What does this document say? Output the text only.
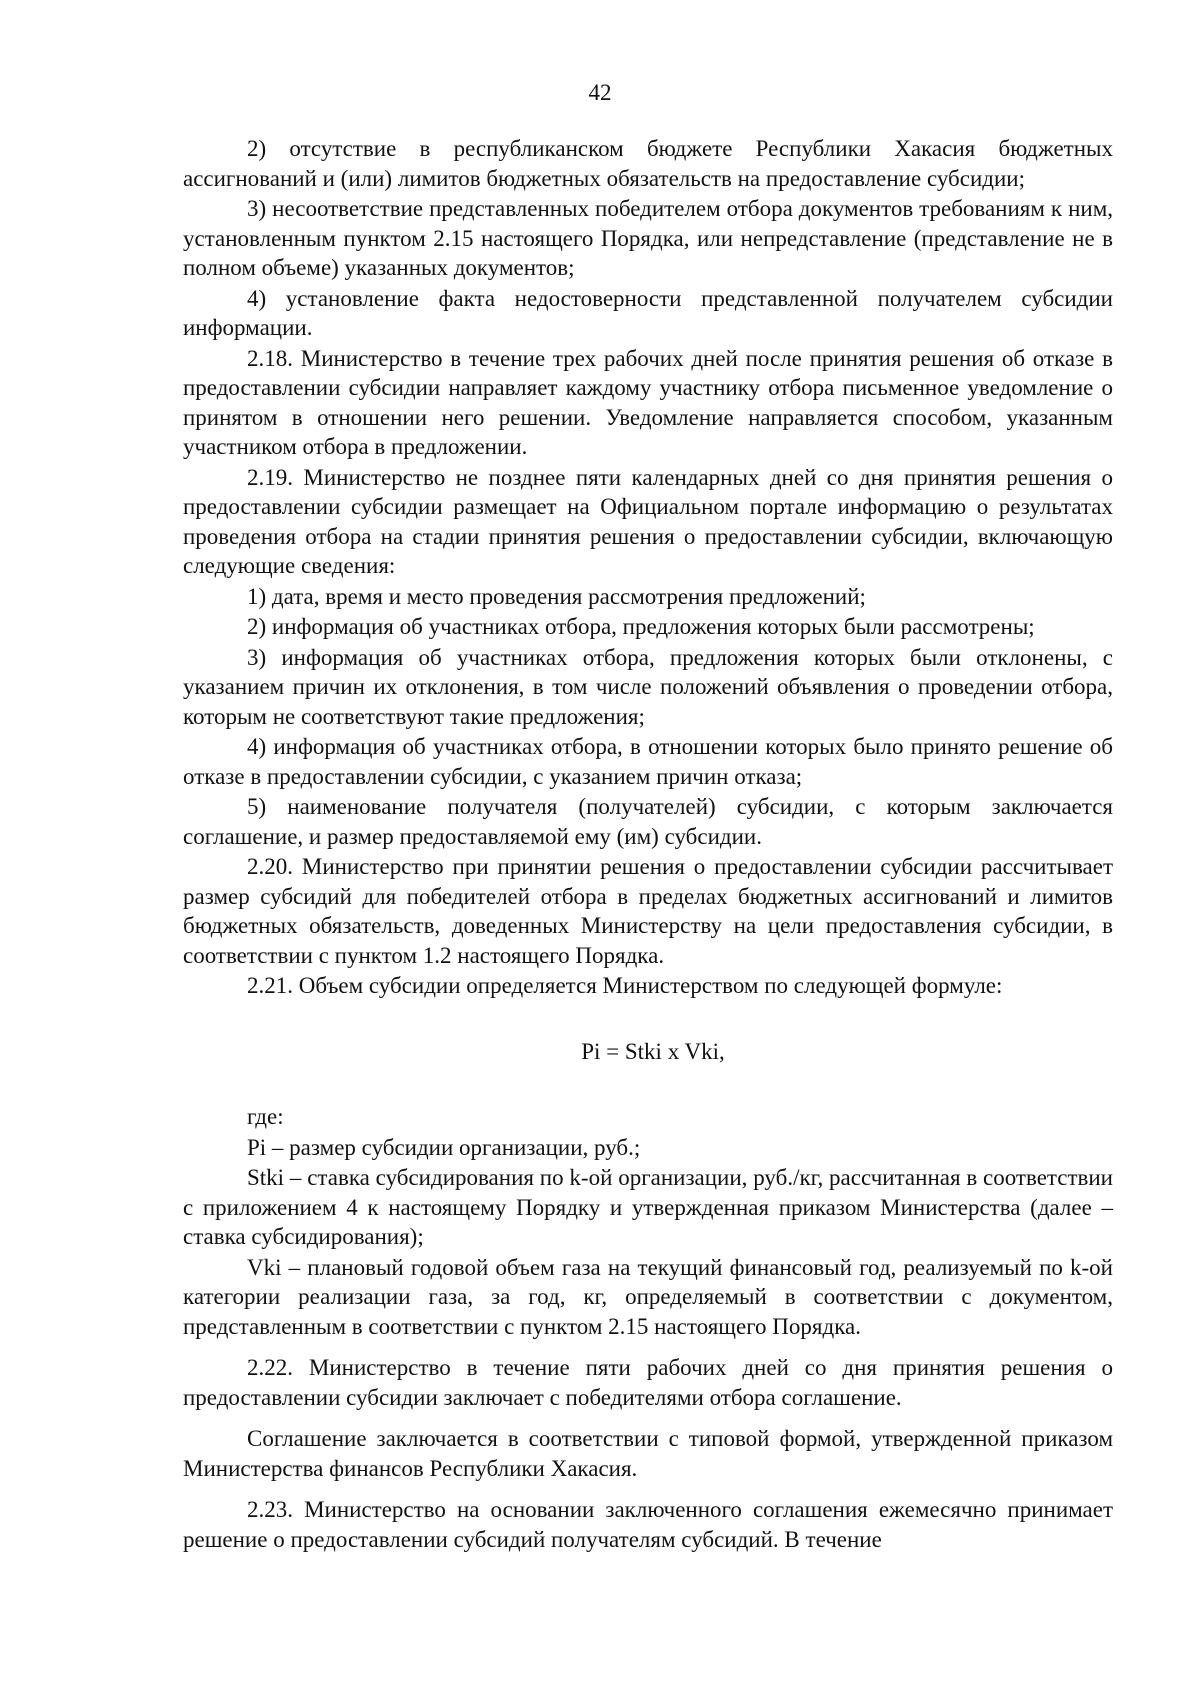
42

2) отсутствие в республиканском бюджете Республики Хакасия бюджетных ассигнований и (или) лимитов бюджетных обязательств на предоставление субсидии;

3) несоответствие представленных победителем отбора документов требованиям к ним, установленным пунктом 2.15 настоящего Порядка, или непредставление (представление не в полном объеме) указанных документов;

4) установление факта недостоверности представленной получателем субсидии информации.

2.18. Министерство в течение трех рабочих дней после принятия решения об отказе в предоставлении субсидии направляет каждому участнику отбора письменное уведомление о принятом в отношении него решении. Уведомление направляется способом, указанным участником отбора в предложении.

2.19. Министерство не позднее пяти календарных дней со дня принятия решения о предоставлении субсидии размещает на Официальном портале информацию о результатах проведения отбора на стадии принятия решения о предоставлении субсидии, включающую следующие сведения:

1) дата, время и место проведения рассмотрения предложений;

2) информация об участниках отбора, предложения которых были рассмотрены;

3) информация об участниках отбора, предложения которых были отклонены, с указанием причин их отклонения, в том числе положений объявления о проведении отбора, которым не соответствуют такие предложения;

4) информация об участниках отбора, в отношении которых было принято решение об отказе в предоставлении субсидии, с указанием причин отказа;

5) наименование получателя (получателей) субсидии, с которым заключается соглашение, и размер предоставляемой ему (им) субсидии.

2.20. Министерство при принятии решения о предоставлении субсидии рассчитывает размер субсидий для победителей отбора в пределах бюджетных ассигнований и лимитов бюджетных обязательств, доведенных Министерству на цели предоставления субсидии, в соответствии с пунктом 1.2 настоящего Порядка.

2.21. Объем субсидии определяется Министерством по следующей формуле:

Pi = Stki x Vki,

где:

Pi – размер субсидии организации, руб.;

Stki – ставка субсидирования по k-ой организации, руб./кг, рассчитанная в соответствии с приложением 4 к настоящему Порядку и утвержденная приказом Министерства (далее – ставка субсидирования);

Vki – плановый годовой объем газа на текущий финансовый год, реализуемый по k-ой категории реализации газа, за год, кг, определяемый в соответствии с документом, представленным в соответствии с пунктом 2.15 настоящего Порядка.

2.22. Министерство в течение пяти рабочих дней со дня принятия решения о предоставлении субсидии заключает с победителями отбора соглашение.

Соглашение заключается в соответствии с типовой формой, утвержденной приказом Министерства финансов Республики Хакасия.

2.23. Министерство на основании заключенного соглашения ежемесячно принимает решение о предоставлении субсидий получателям субсидий. В течение
